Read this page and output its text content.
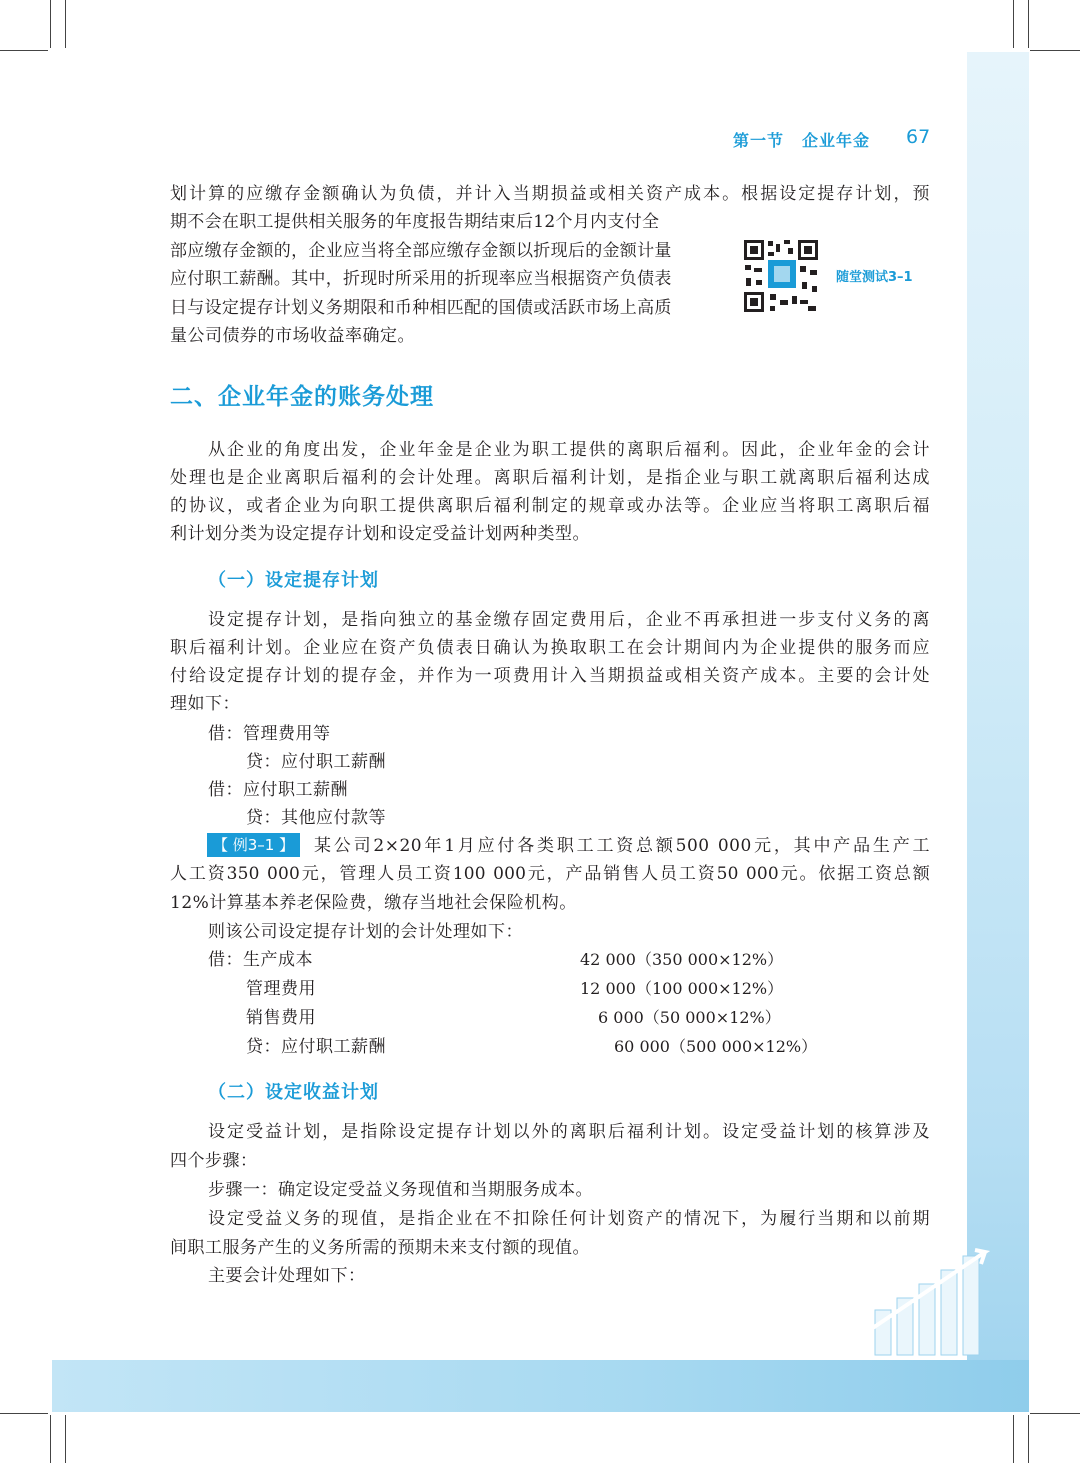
第一节 企业年金 67
划计算的应缴存金额确认为负债，并计入当期损益或相关资产成本。根据设定提存计划，预
期不会在职工提供相关服务的年度报告期结束后12个月内支付全
部应缴存金额的，企业应当将全部应缴存金额以折现后的金额计量
应付职工薪酬。其中，折现时所采用的折现率应当根据资产负债表
日与设定提存计划义务期限和币种相匹配的国债或活跃市场上高质
量公司债券的市场收益率确定。
随堂测试3–1
二、企业年金的账务处理
从企业的角度出发，企业年金是企业为职工提供的离职后福利。因此，企业年金的会计
处理也是企业离职后福利的会计处理。离职后福利计划，是指企业与职工就离职后福利达成
的协议，或者企业为向职工提供离职后福利制定的规章或办法等。企业应当将职工离职后福
利计划分类为设定提存计划和设定受益计划两种类型。
（一）设定提存计划
设定提存计划，是指向独立的基金缴存固定费用后，企业不再承担进一步支付义务的离
职后福利计划。企业应在资产负债表日确认为换取职工在会计期间内为企业提供的服务而应
付给设定提存计划的提存金，并作为一项费用计入当期损益或相关资产成本。主要的会计处
理如下：
借：管理费用等
贷：应付职工薪酬
借：应付职工薪酬
贷：其他应付款等
【 例3–1 】	某公司2×20年1月应付各类职工工资总额500 000元，其中产品生产工
人工资350 000元，管理人员工资100 000元，产品销售人员工资50 000元。依据工资总额
12%计算基本养老保险费，缴存当地社会保险机构。
则该公司设定提存计划的会计处理如下：
借：生产成本	42 000（350 000×12%）
管理费用	12 000（100 000×12%）
销售费用	6 000（50 000×12%）
贷：应付职工薪酬	60 000（500 000×12%）
（二）设定收益计划
设定受益计划，是指除设定提存计划以外的离职后福利计划。设定受益计划的核算涉及
四个步骤：
步骤一：确定设定受益义务现值和当期服务成本。
设定受益义务的现值，是指企业在不扣除任何计划资产的情况下，为履行当期和以前期
间职工服务产生的义务所需的预期未来支付额的现值。
主要会计处理如下：
